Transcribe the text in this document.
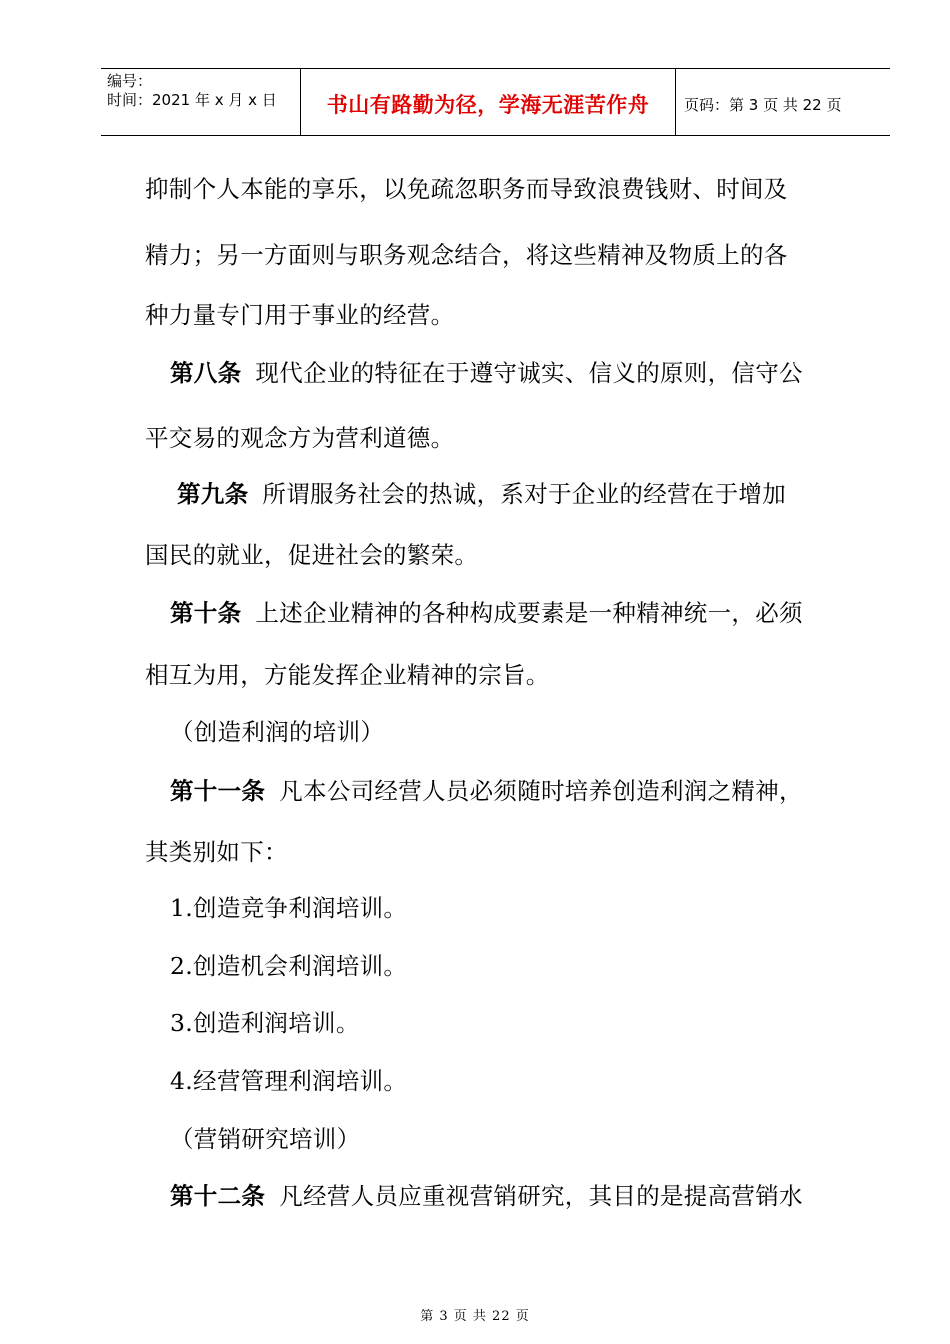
编号：
时间：2021 年 x 月 x 日	书山有路勤为径，学海无涯苦作舟 页码：第 3 页 共 22 页
抑制个人本能的享乐，以免疏忽职务而导致浪费钱财、时间及
精力；另一方面则与职务观念结合，将这些精神及物质上的各
种力量专门用于事业的经营。
第八条 现代企业的特征在于遵守诚实、信义的原则，信守公
平交易的观念方为营利道德。
第九条 所谓服务社会的热诚，系对于企业的经营在于增加
国民的就业，促进社会的繁荣。
第十条 上述企业精神的各种构成要素是一种精神统一，必须
相互为用，方能发挥企业精神的宗旨。
（创造利润的培训）
第十一条 凡本公司经营人员必须随时培养创造利润之精神，
其类别如下：
1.创造竞争利润培训。
2.创造机会利润培训。
3.创造利润培训。
4.经营管理利润培训。
（营销研究培训）
第十二条 凡经营人员应重视营销研究，其目的是提高营销水
第 3 页 共 22 页
